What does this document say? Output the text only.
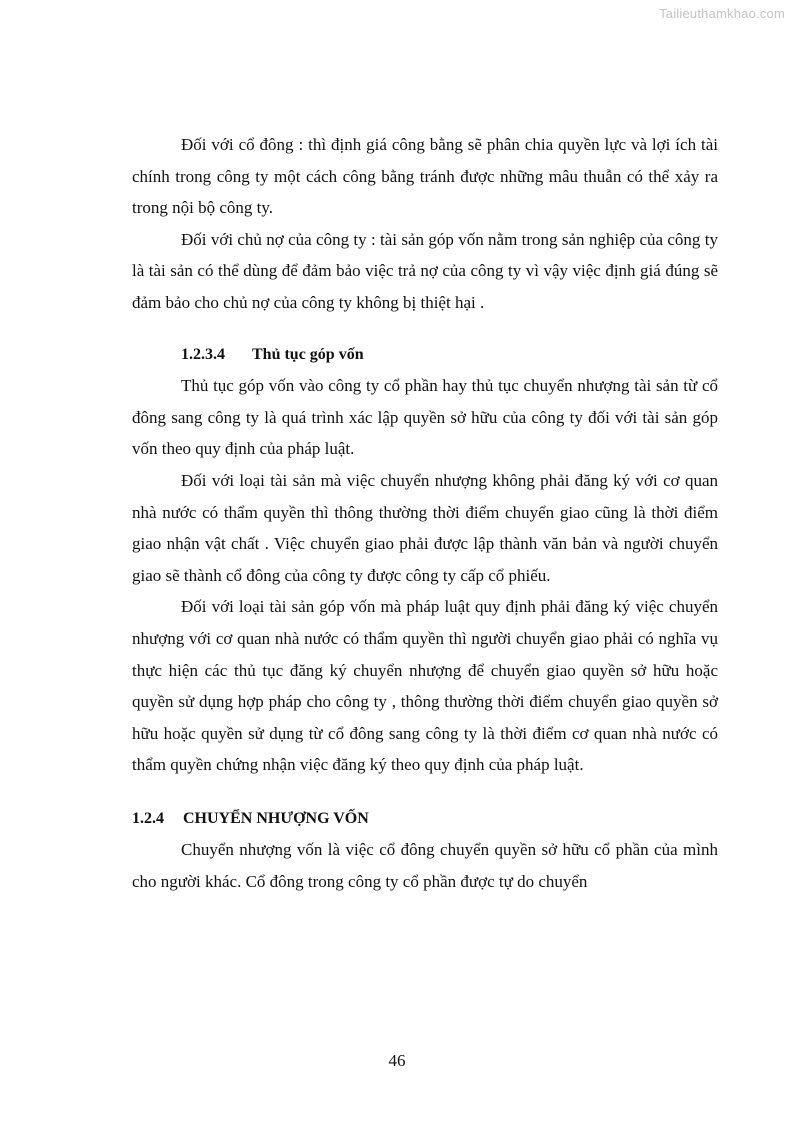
Tailieuthamkhao.com

Đối với cổ đông : thì định giá công bằng sẽ phân chia quyền lực và lợi ích tài chính trong công ty một cách công bằng tránh được những mâu thuẫn có thể xảy ra trong nội bộ công ty.

Đối với chủ nợ của công ty : tài sản góp vốn nằm trong sản nghiệp của công ty là tài sản có thể dùng để đảm bảo việc trả nợ của công ty vì vậy việc định giá đúng sẽ đảm bảo cho chủ nợ của công ty không bị thiệt hại .

1.2.3.4 Thủ tục góp vốn

Thủ tục góp vốn vào công ty cổ phần hay thủ tục chuyển nhượng tài sản từ cổ đông sang công ty là quá trình xác lập quyền sở hữu của công ty đối với tài sản góp vốn theo quy định của pháp luật.

Đối với loại tài sản mà việc chuyển nhượng không phải đăng ký với cơ quan nhà nước có thẩm quyền thì thông thường thời điểm chuyển giao cũng là thời điểm giao nhận vật chất . Việc chuyển giao phải được lập thành văn bản và người chuyển giao sẽ thành cổ đông của công ty được công ty cấp cổ phiếu.

Đối với loại tài sản góp vốn mà pháp luật quy định phải đăng ký việc chuyển nhượng với cơ quan nhà nước có thẩm quyền thì người chuyển giao phải có nghĩa vụ thực hiện các thủ tục đăng ký chuyển nhượng để chuyển giao quyền sở hữu hoặc quyền sử dụng hợp pháp cho công ty , thông thường thời điểm chuyển giao quyền sở hữu hoặc quyền sử dụng từ cổ đông sang công ty là thời điểm cơ quan nhà nước có thẩm quyền chứng nhận việc đăng ký theo quy định của pháp luật.

1.2.4 CHUYỂN NHƯỢNG VỐN

Chuyển nhượng vốn là việc cổ đông chuyển quyền sở hữu cổ phần của mình cho người khác. Cổ đông trong công ty cổ phần được tự do chuyển

46
